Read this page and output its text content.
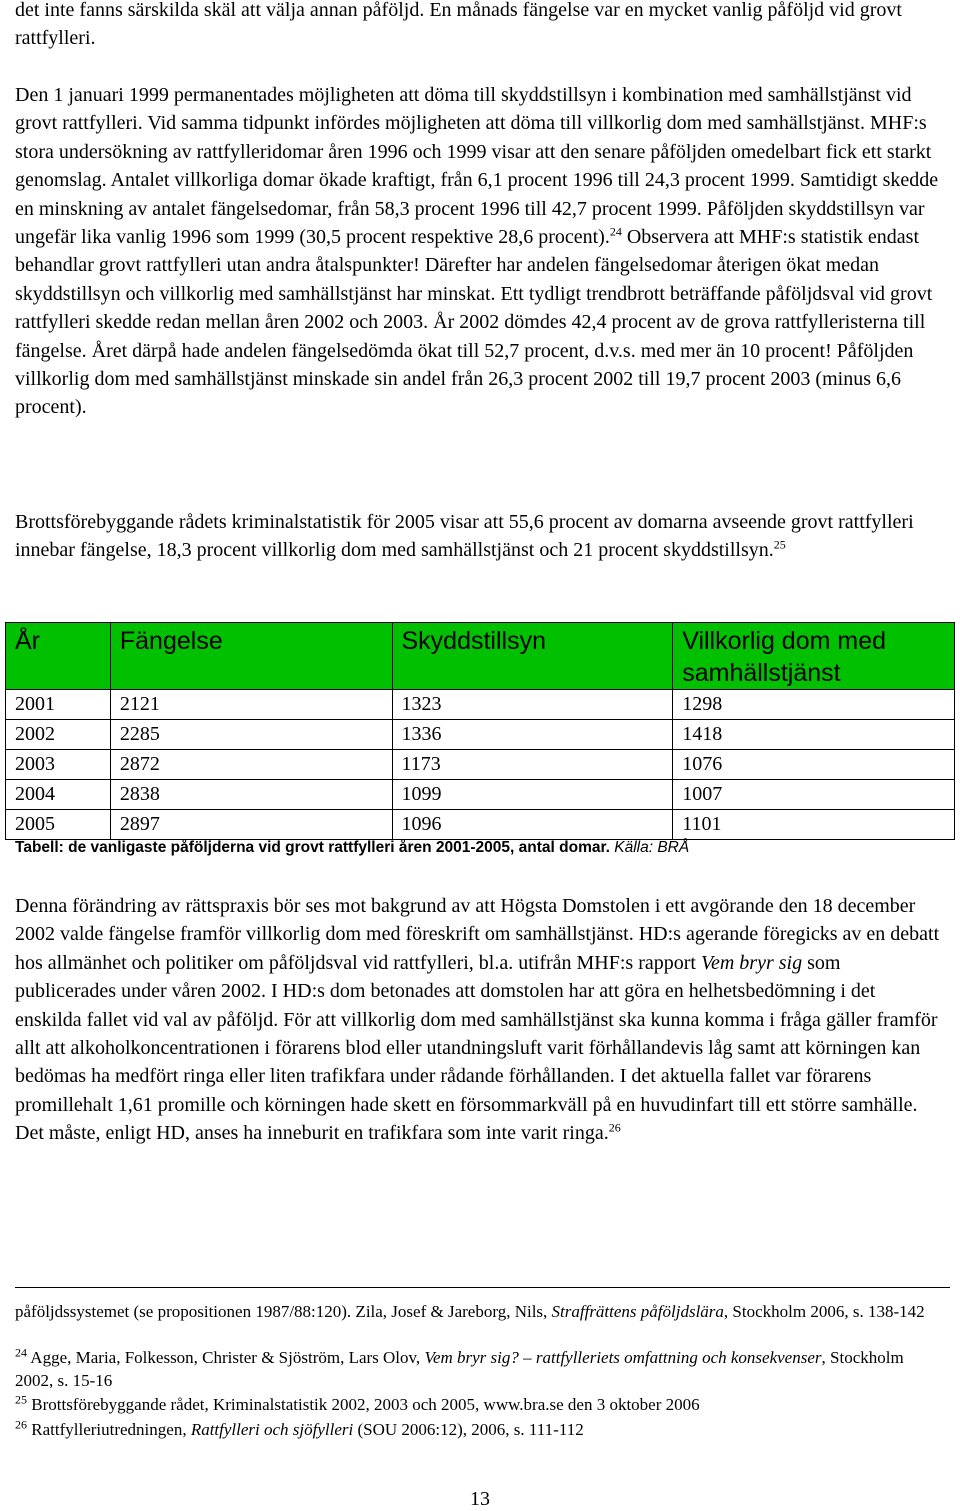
det inte fanns särskilda skäl att välja annan påföljd. En månads fängelse var en mycket vanlig påföljd vid grovt rattfylleri.

Den 1 januari 1999 permanentades möjligheten att döma till skyddstillsyn i kombination med samhällstjänst vid grovt rattfylleri. Vid samma tidpunkt infördes möjligheten att döma till villkorlig dom med samhällstjänst. MHF:s stora undersökning av rattfylleridomar åren 1996 och 1999 visar att den senare påföljden omedelbart fick ett starkt genomslag. Antalet villkorliga domar ökade kraftigt, från 6,1 procent 1996 till 24,3 procent 1999. Samtidigt skedde en minskning av antalet fängelsedomar, från 58,3 procent 1996 till 42,7 procent 1999. Påföljden skyddstillsyn var ungefär lika vanlig 1996 som 1999 (30,5 procent respektive 28,6 procent).$^{24}$ Observera att MHF:s statistik endast behandlar grovt rattfylleri utan andra åtalspunkter! Därefter har andelen fängelsedomar återigen ökat medan skyddstillsyn och villkorlig med samhällstjänst har minskat. Ett tydligt trendbrott beträffande påföljdsval vid grovt rattfylleri skedde redan mellan åren 2002 och 2003. År 2002 dömdes 42,4 procent av de grova rattfylleristerna till fängelse. Året därpå hade andelen fängelsedömda ökat till 52,7 procent, d.v.s. med mer än 10 procent! Påföljden villkorlig dom med samhällstjänst minskade sin andel från 26,3 procent 2002 till 19,7 procent 2003 (minus 6,6 procent).

Brottsförebyggande rådets kriminalstatistik för 2005 visar att 55,6 procent av domarna avseende grovt rattfylleri innebar fängelse, 18,3 procent villkorlig dom med samhällstjänst och 21 procent skyddstillsyn.$^{25}$

År	Fängelse	Skyddstillsyn	Villkorlig dom med samhällstjänst
2001	2121	1323	1298
2002	2285	1336	1418
2003	2872	1173	1076
2004	2838	1099	1007
2005	2897	1096	1101
Tabell: de vanligaste påföljderna vid grovt rattfylleri åren 2001-2005, antal domar. Källa: BRÅ

Denna förändring av rättspraxis bör ses mot bakgrund av att Högsta Domstolen i ett avgörande den 18 december 2002 valde fängelse framför villkorlig dom med föreskrift om samhällstjänst. HD:s agerande föregicks av en debatt hos allmänhet och politiker om påföljdsval vid rattfylleri, bl.a. utifrån MHF:s rapport Vem bryr sig som publicerades under våren 2002. I HD:s dom betonades att domstolen har att göra en helhetsbedömning i det enskilda fallet vid val av påföljd. För att villkorlig dom med samhällstjänst ska kunna komma i fråga gäller framför allt att alkoholkoncentrationen i förarens blod eller utandningsluft varit förhållandevis låg samt att körningen kan bedömas ha medfört ringa eller liten trafikfara under rådande förhållanden. I det aktuella fallet var förarens promillehalt 1,61 promille och körningen hade skett en försommarkväll på en huvudinfart till ett större samhälle. Det måste, enligt HD, anses ha inneburit en trafikfara som inte varit ringa.$^{26}$

påföljdssystemet (se propositionen 1987/88:120). Zila, Josef & Jareborg, Nils, Straffrättens påföljdslära, Stockholm 2006, s. 138-142

$^{24}$ Agge, Maria, Folkesson, Christer & Sjöström, Lars Olov, Vem bryr sig? – rattfylleriets omfattning och konsekvenser, Stockholm 2002, s. 15-16

$^{25}$ Brottsförebyggande rådet, Kriminalstatistik 2002, 2003 och 2005, www.bra.se den 3 oktober 2006

$^{26}$ Rattfylleriutredningen, Rattfylleri och sjöfylleri (SOU 2006:12), 2006, s. 111-112

13
